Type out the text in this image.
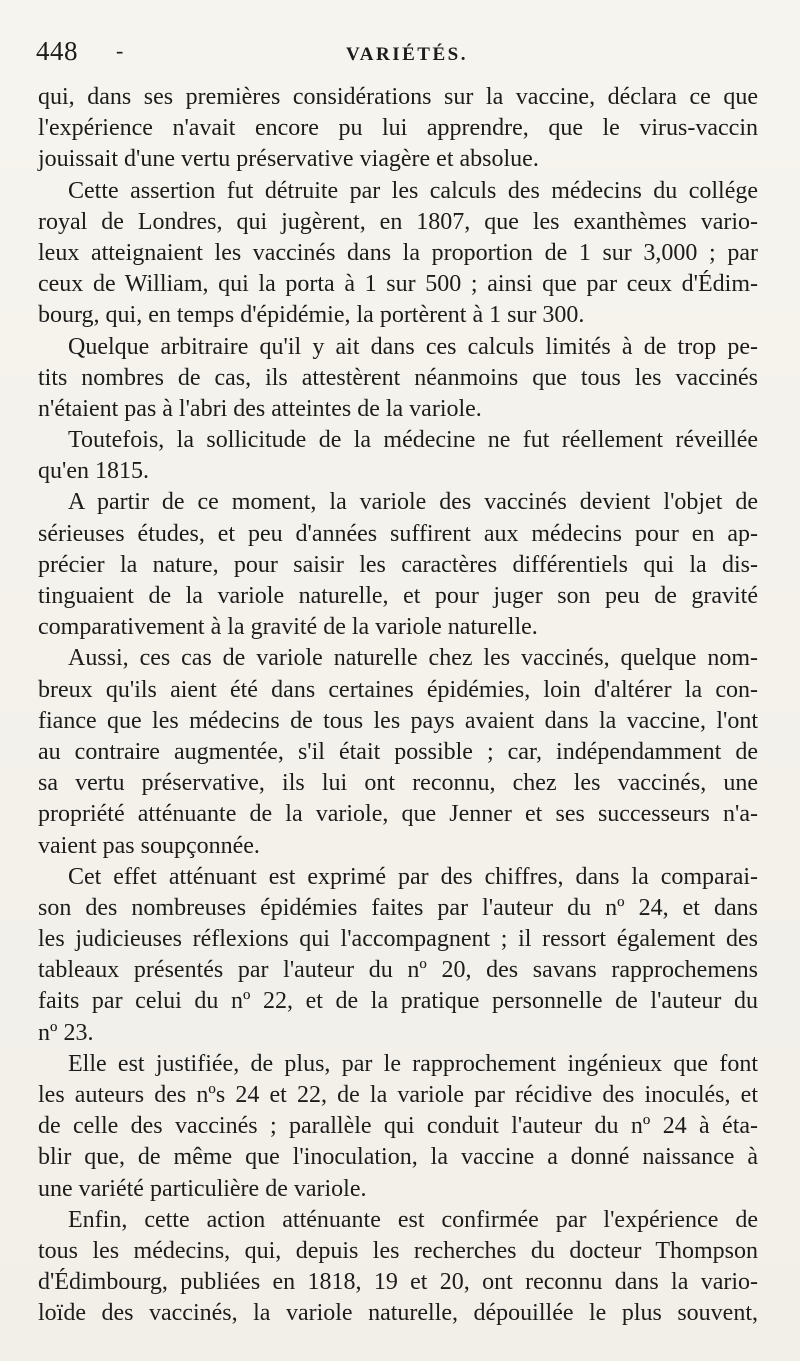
448 -	VARIÉTÉS.
qui, dans ses premières considérations sur la vaccine, déclara ce que
l'expérience n'avait encore pu lui apprendre, que le virus-vaccin
jouissait d'une vertu préservative viagère et absolue.
Cette assertion fut détruite par les calculs des médecins du collége
royal de Londres, qui jugèrent, en 1807, que les exanthèmes vario-
leux atteignaient les vaccinés dans la proportion de 1 sur 3,000 ; par
ceux de William, qui la porta à 1 sur 500 ; ainsi que par ceux d'Édim-
bourg, qui, en temps d'épidémie, la portèrent à 1 sur 300.
Quelque arbitraire qu'il y ait dans ces calculs limités à de trop pe-
tits nombres de cas, ils attestèrent néanmoins que tous les vaccinés
n'étaient pas à l'abri des atteintes de la variole.
Toutefois, la sollicitude de la médecine ne fut réellement réveillée
qu'en 1815.
A partir de ce moment, la variole des vaccinés devient l'objet de
sérieuses études, et peu d'années suffirent aux médecins pour en ap-
précier la nature, pour saisir les caractères différentiels qui la dis-
tinguaient de la variole naturelle, et pour juger son peu de gravité
comparativement à la gravité de la variole naturelle.
Aussi, ces cas de variole naturelle chez les vaccinés, quelque nom-
breux qu'ils aient été dans certaines épidémies, loin d'altérer la con-
fiance que les médecins de tous les pays avaient dans la vaccine, l'ont
au contraire augmentée, s'il était possible ; car, indépendamment de
sa vertu préservative, ils lui ont reconnu, chez les vaccinés, une
propriété atténuante de la variole, que Jenner et ses successeurs n'a-
vaient pas soupçonnée.
Cet effet atténuant est exprimé par des chiffres, dans la comparai-
son des nombreuses épidémies faites par l'auteur du nº 24, et dans
les judicieuses réflexions qui l'accompagnent ; il ressort également des
tableaux présentés par l'auteur du nº 20, des savans rapprochemens
faits par celui du nº 22, et de la pratique personnelle de l'auteur du
nº 23.
Elle est justifiée, de plus, par le rapprochement ingénieux que font
les auteurs des nºs 24 et 22, de la variole par récidive des inoculés, et
de celle des vaccinés ; parallèle qui conduit l'auteur du nº 24 à éta-
blir que, de même que l'inoculation, la vaccine a donné naissance à
une variété particulière de variole.
Enfin, cette action atténuante est confirmée par l'expérience de
tous les médecins, qui, depuis les recherches du docteur Thompson
d'Édimbourg, publiées en 1818, 19 et 20, ont reconnu dans la vario-
loïde des vaccinés, la variole naturelle, dépouillée le plus souvent,
